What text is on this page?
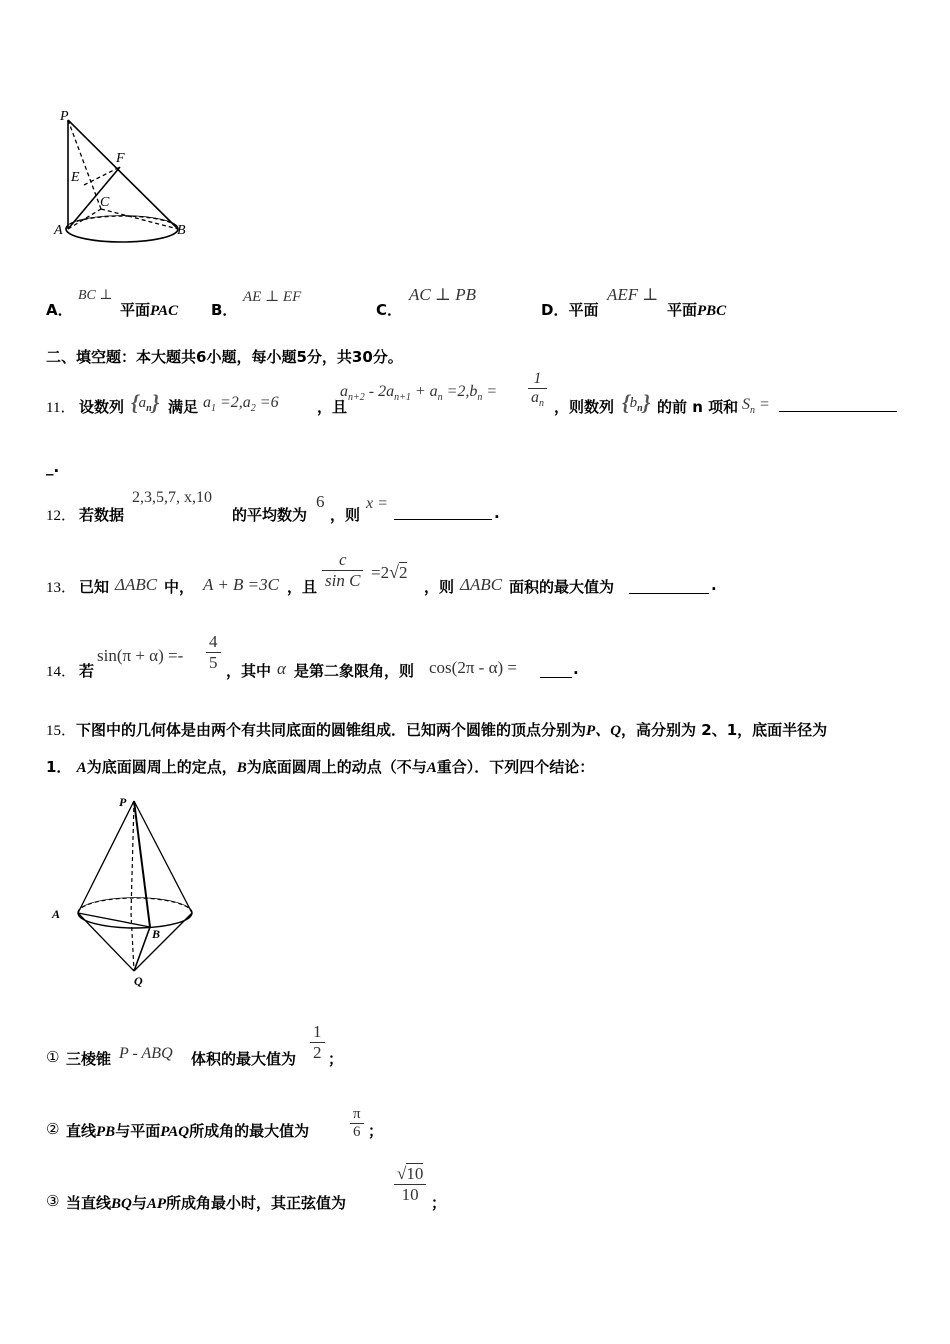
P
F
E
C
A	B
A．
BC ⊥
平面PAC B．
AE ⊥ EF
C．
AC ⊥ PB
D．平面
AEF ⊥
平面PBC
二、填空题：本大题共6小题，每小题5分，共30分。
11． 设数列 $\{a_n\}$ 满足 $a_1 =2,a_2 =6$	，且
$a_{n+2} - 2a_{n+1} + a_n =2,b_n = \frac{1}{a_n}$ ，则数列 $\{b_n\}$ 的前 n 项和 $S_n$ =
_.
12． 若数据
2,3,5,7, x,10
的平均数为
6
，则
x =
.
13． 已知 ΔABC 中， A + B =3C ，且 $\frac{c}{\text{sin C}} =2√2$
，则 ΔABC 面积的最大值为	.
14． 若
$\sin(\pi + \alpha) =- \frac{4}{5}$ ，其中 α 是第二象限角，则 cos(2π - α) =	.
15．下图中的几何体是由两个有共同底面的圆锥组成．已知两个圆锥的顶点分别为P、Q，高分别为 2、1，底面半径为
1． A为底面圆周上的定点，B为底面圆周上的动点（不与A重合）．下列四个结论：
P
A
B
Q
① 三棱锥 P - ABQ 体积的最大值为 $\frac{1}{2}$ ；
② 直线PB与平面PAQ所成角的最大值为	$\frac{\pi}{6}$ ；
③ 当直线BQ与AP所成角最小时，其正弦值为	$\frac{√10}{10}$ ；
